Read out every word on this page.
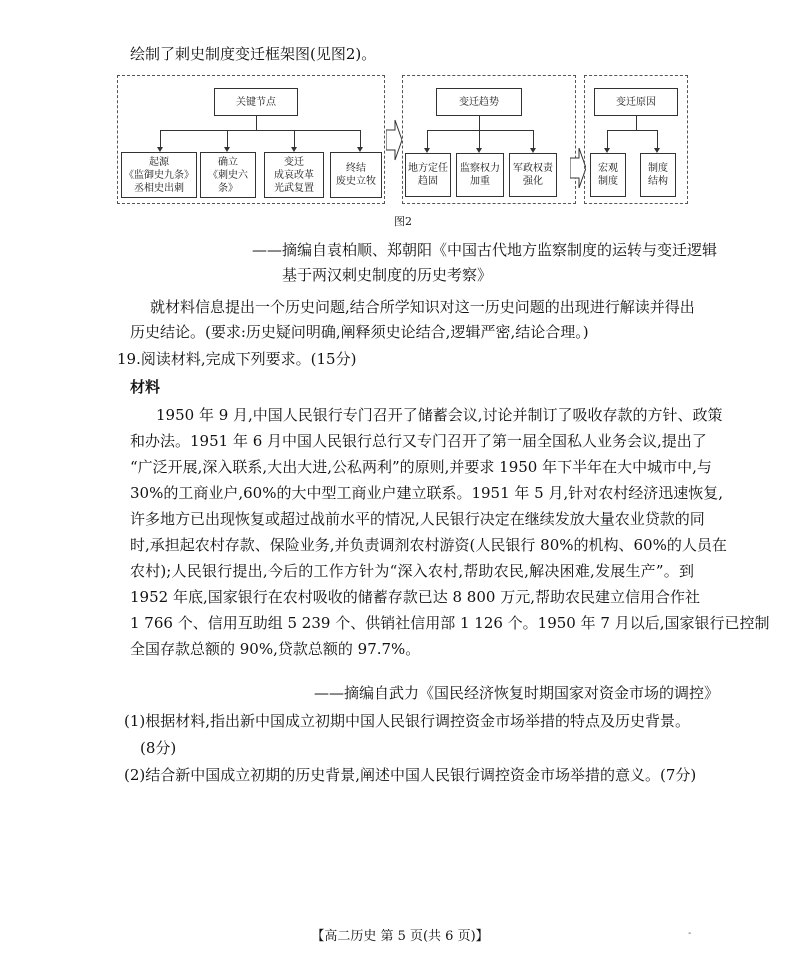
绘制了刺史制度变迁框架图(见图2)。
关键节点
起源
《监御史九条》
丞相史出刺
确立
《刺史六条》
变迁
成哀改革
光武复置
终结
废史立牧
变迁趋势
地方定任
趋固
监察权力
加重
军政权责
强化
变迁原因
宏观
制度
制度
结构
图2
——摘编自袁柏顺、郑朝阳《中国古代地方监察制度的运转与变迁逻辑
基于两汉刺史制度的历史考察》
就材料信息提出一个历史问题,结合所学知识对这一历史问题的出现进行解读并得出
历史结论。(要求:历史疑问明确,阐释须史论结合,逻辑严密,结论合理。)
19.阅读材料,完成下列要求。(15分)
材料
1950 年 9 月,中国人民银行专门召开了储蓄会议,讨论并制订了吸收存款的方针、政策
和办法。1951 年 6 月中国人民银行总行又专门召开了第一届全国私人业务会议,提出了
“广泛开展,深入联系,大出大进,公私两利”的原则,并要求 1950 年下半年在大中城市中,与
30%的工商业户,60%的大中型工商业户建立联系。1951 年 5 月,针对农村经济迅速恢复,
许多地方已出现恢复或超过战前水平的情况,人民银行决定在继续发放大量农业贷款的同
时,承担起农村存款、保险业务,并负责调剂农村游资(人民银行 80%的机构、60%的人员在
农村);人民银行提出,今后的工作方针为“深入农村,帮助农民,解决困难,发展生产”。到
1952 年底,国家银行在农村吸收的储蓄存款已达 8 800 万元,帮助农民建立信用合作社
1 766 个、信用互助组 5 239 个、供销社信用部 1 126 个。1950 年 7 月以后,国家银行已控制
全国存款总额的 90%,贷款总额的 97.7%。
——摘编自武力《国民经济恢复时期国家对资金市场的调控》
(1)根据材料,指出新中国成立初期中国人民银行调控资金市场举措的特点及历史背景。
(8分)
(2)结合新中国成立初期的历史背景,阐述中国人民银行调控资金市场举措的意义。(7分)
【高二历史 第 5 页(共 6 页)】	-
